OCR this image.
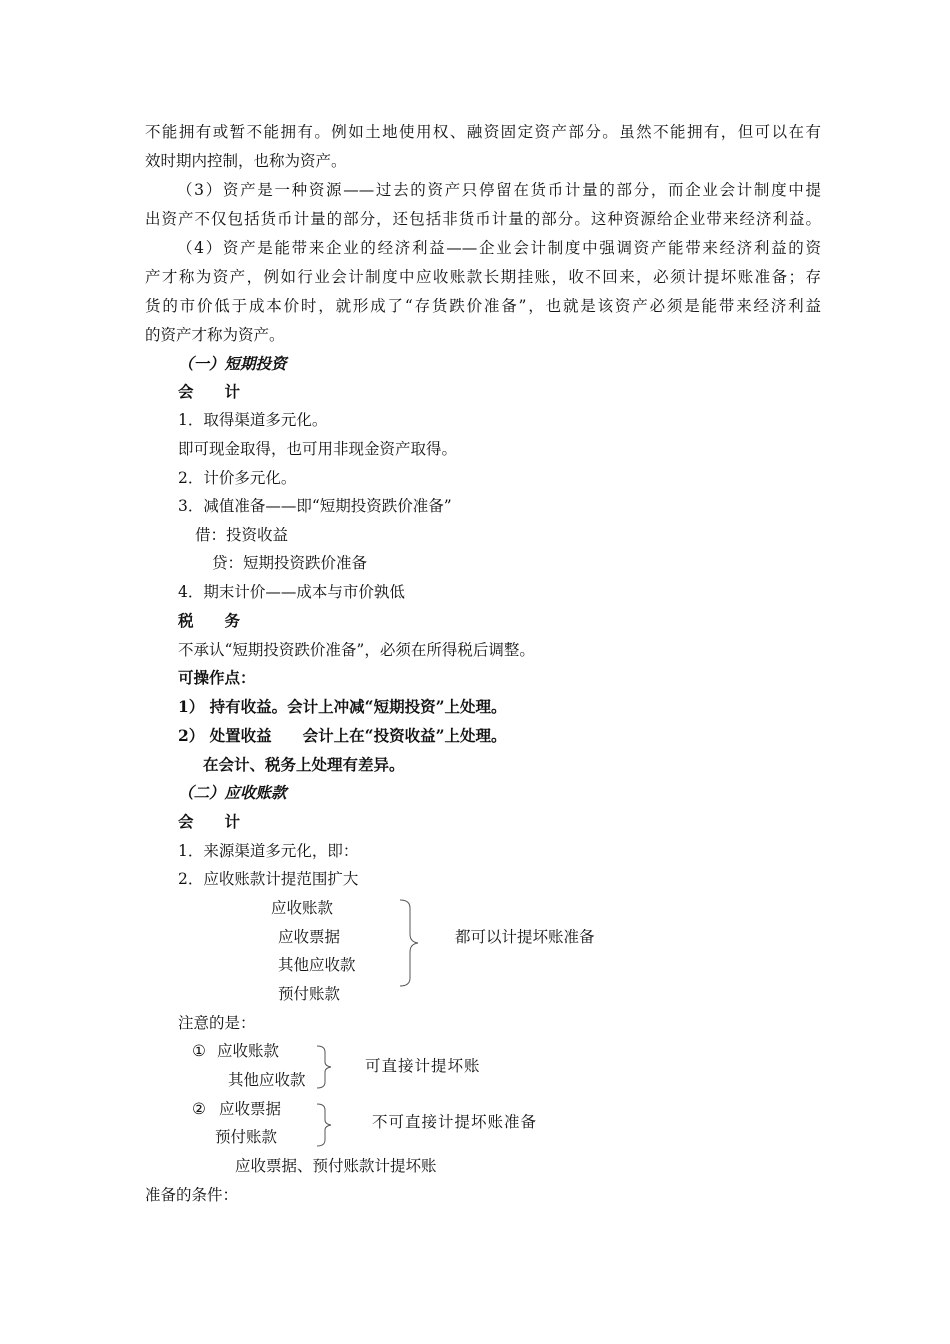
不能拥有或暂不能拥有。例如土地使用权、融资固定资产部分。虽然不能拥有，但可以在有
效时期内控制，也称为资产。
（3）资产是一种资源——过去的资产只停留在货币计量的部分，而企业会计制度中提
出资产不仅包括货币计量的部分，还包括非货币计量的部分。这种资源给企业带来经济利益。
（4）资产是能带来企业的经济利益——企业会计制度中强调资产能带来经济利益的资
产才称为资产，例如行业会计制度中应收账款长期挂账，收不回来，必须计提坏账准备；存
货的市价低于成本价时，就形成了“存货跌价准备”，也就是该资产必须是能带来经济利益
的资产才称为资产。
（一）短期投资
会　　计
1．取得渠道多元化。
即可现金取得，也可用非现金资产取得。
2．计价多元化。
3．减值准备——即“短期投资跌价准备”
借：投资收益
贷：短期投资跌价准备
4．期末计价——成本与市价孰低
税　　务
不承认“短期投资跌价准备”，必须在所得税后调整。
可操作点：
1） 持有收益。会计上冲减“短期投资”上处理。
2） 处置收益　　会计上在“投资收益”上处理。
在会计、税务上处理有差异。
（二）应收账款
会　　计
1．来源渠道多元化，即：
2．应收账款计提范围扩大
应收账款
应收票据
其他应收款
预付账款
都可以计提坏账准备
注意的是：
① 应收账款
其他应收款
可直接计提坏账
② 应收票据
预付账款
不可直接计提坏账准备
应收票据、预付账款计提坏账
准备的条件：
